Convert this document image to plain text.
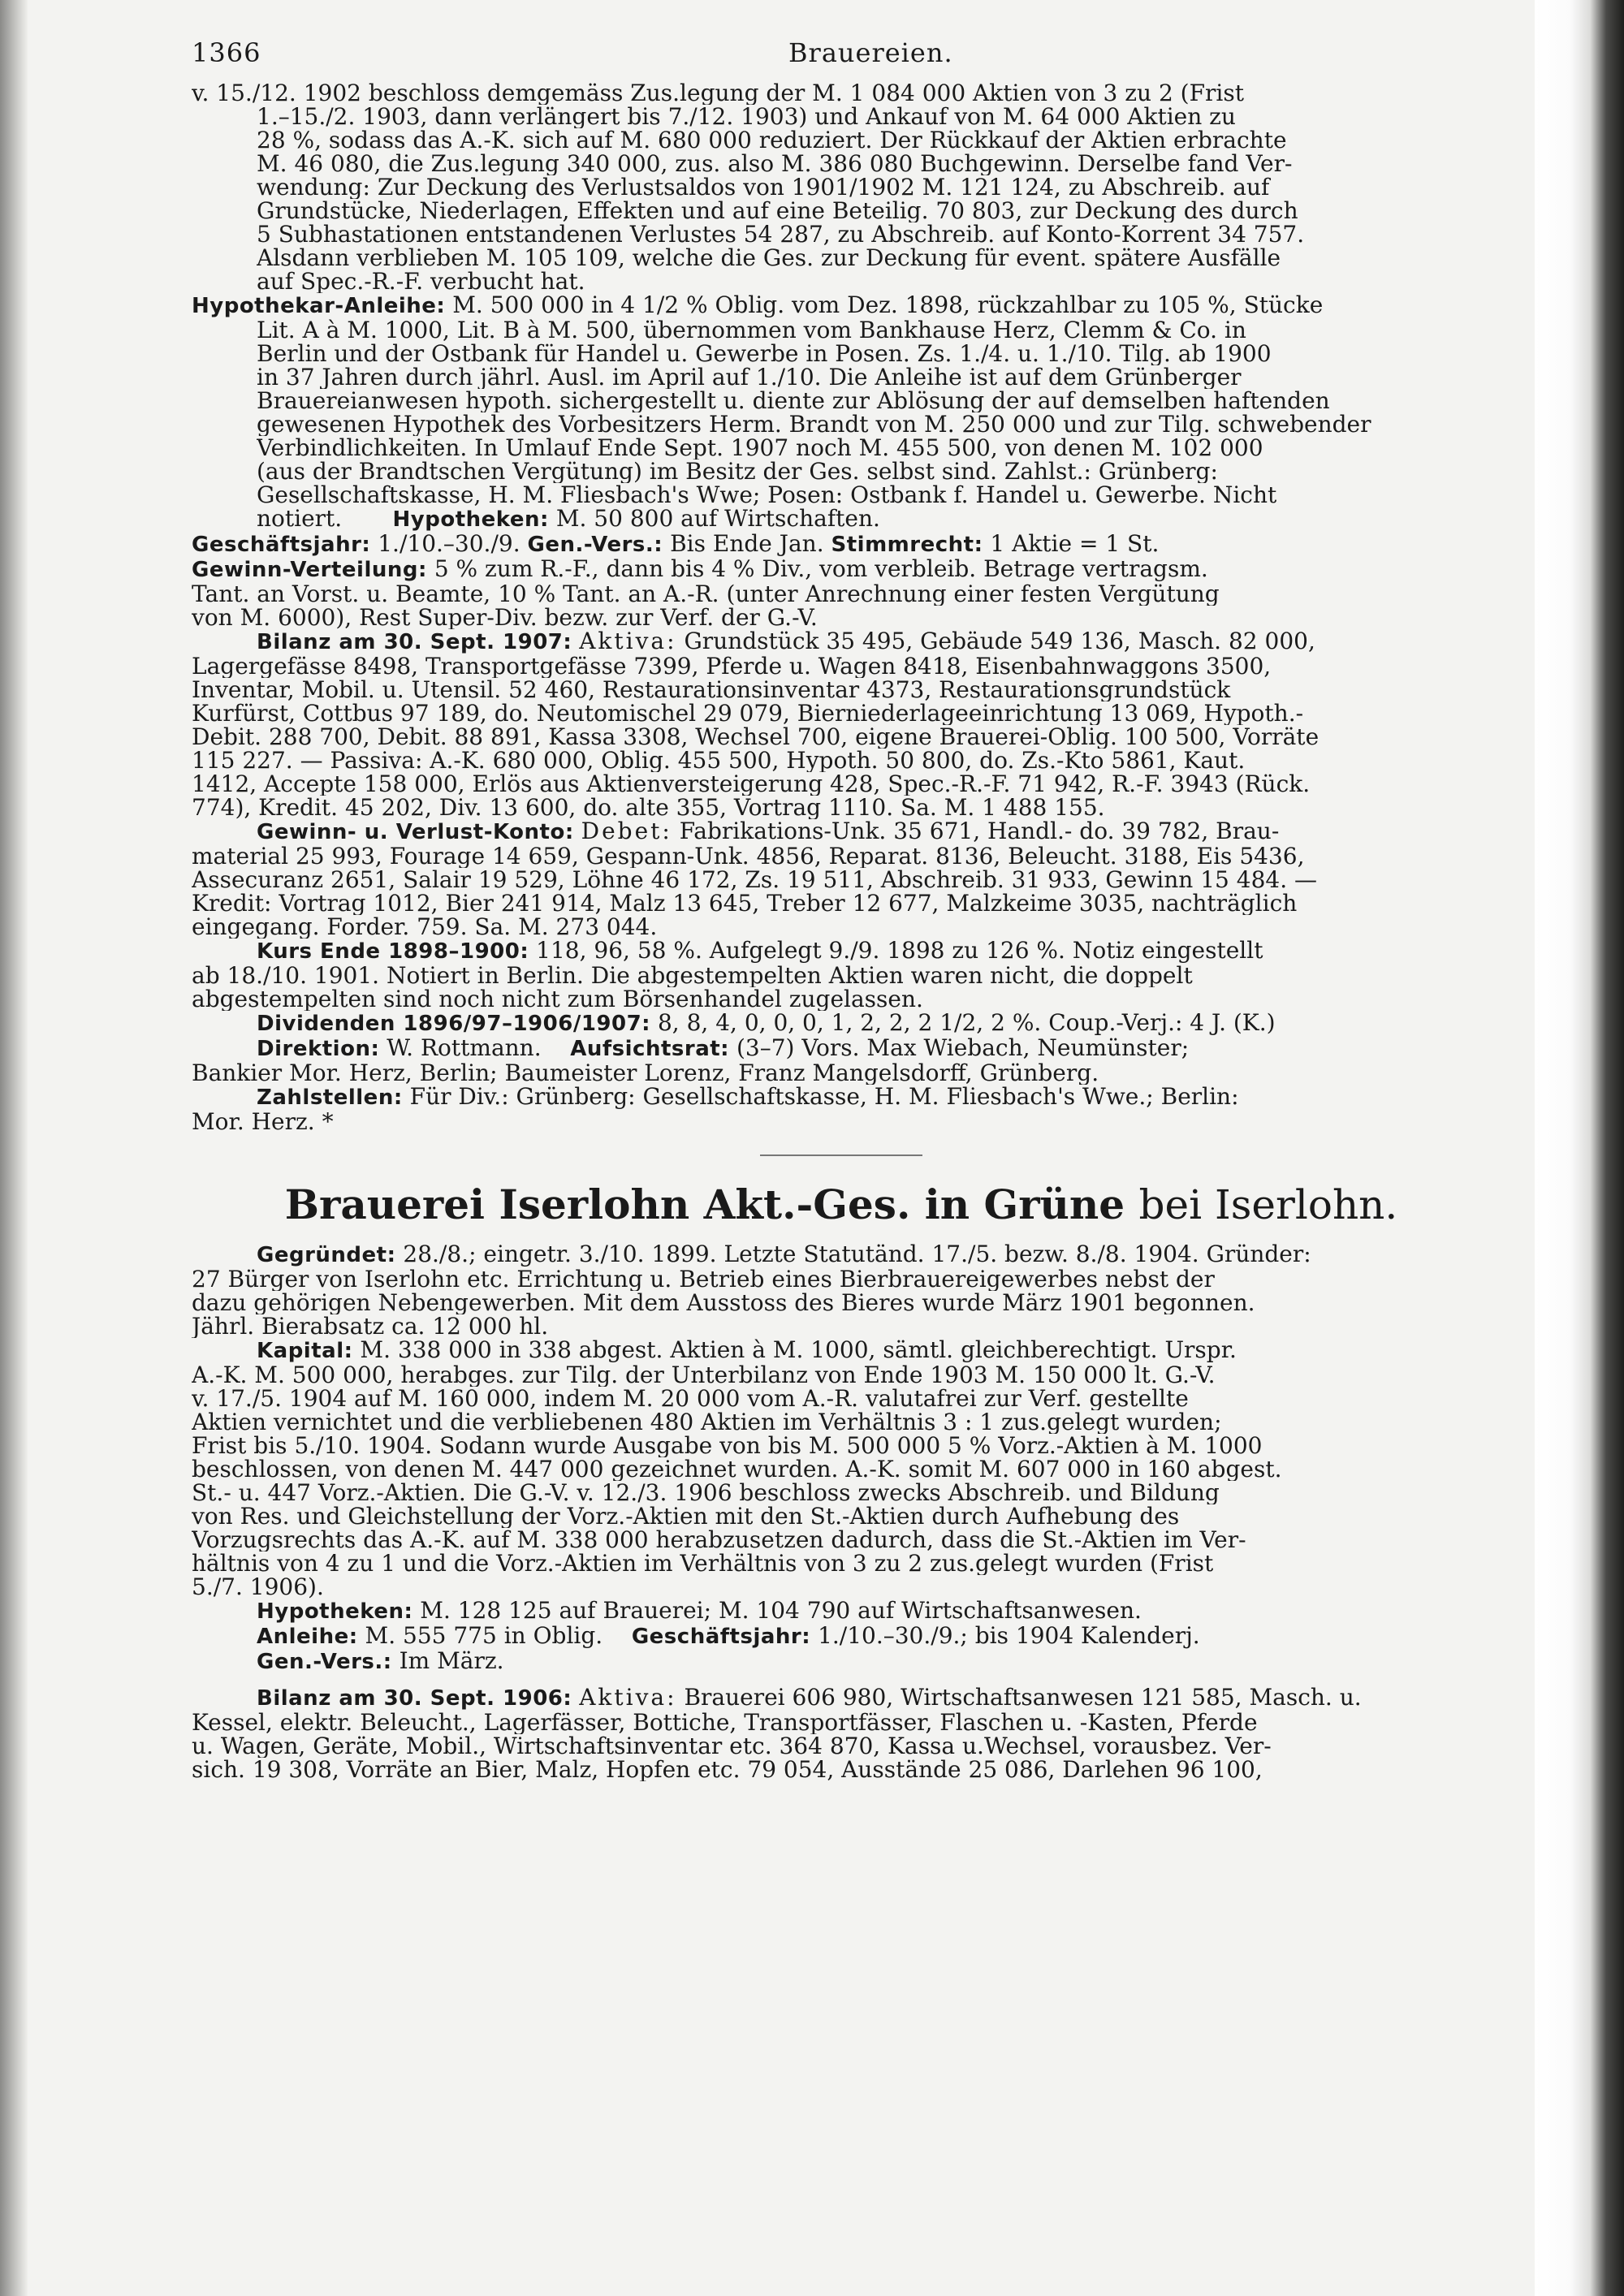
1366	Brauereien.
v. 15./12. 1902 beschloss demgemäss Zus.legung der M. 1 084 000 Aktien von 3 zu 2 (Frist
1.–15./2. 1903, dann verlängert bis 7./12. 1903) und Ankauf von M. 64 000 Aktien zu
28 %, sodass das A.-K. sich auf M. 680 000 reduziert. Der Rückkauf der Aktien erbrachte
M. 46 080, die Zus.legung 340 000, zus. also M. 386 080 Buchgewinn. Derselbe fand Ver-
wendung: Zur Deckung des Verlustsaldos von 1901/1902 M. 121 124, zu Abschreib. auf
Grundstücke, Niederlagen, Effekten und auf eine Beteilig. 70 803, zur Deckung des durch
5 Subhastationen entstandenen Verlustes 54 287, zu Abschreib. auf Konto-Korrent 34 757.
Alsdann verblieben M. 105 109, welche die Ges. zur Deckung für event. spätere Ausfälle
auf Spec.-R.-F. verbucht hat.
Hypothekar-Anleihe: M. 500 000 in 4 1/2 % Oblig. vom Dez. 1898, rückzahlbar zu 105 %, Stücke
Lit. A à M. 1000, Lit. B à M. 500, übernommen vom Bankhause Herz, Clemm & Co. in
Berlin und der Ostbank für Handel u. Gewerbe in Posen. Zs. 1./4. u. 1./10. Tilg. ab 1900
in 37 Jahren durch jährl. Ausl. im April auf 1./10. Die Anleihe ist auf dem Grünberger
Brauereianwesen hypoth. sichergestellt u. diente zur Ablösung der auf demselben haftenden
gewesenen Hypothek des Vorbesitzers Herm. Brandt von M. 250 000 und zur Tilg. schwebender
Verbindlichkeiten. In Umlauf Ende Sept. 1907 noch M. 455 500, von denen M. 102 000
(aus der Brandtschen Vergütung) im Besitz der Ges. selbst sind. Zahlst.: Grünberg:
Gesellschaftskasse, H. M. Fliesbach's Wwe; Posen: Ostbank f. Handel u. Gewerbe. Nicht
notiert. Hypotheken: M. 50 800 auf Wirtschaften.
Geschäftsjahr: 1./10.–30./9. Gen.-Vers.: Bis Ende Jan. Stimmrecht: 1 Aktie = 1 St.
Gewinn-Verteilung: 5 % zum R.-F., dann bis 4 % Div., vom verbleib. Betrage vertragsm.
Tant. an Vorst. u. Beamte, 10 % Tant. an A.-R. (unter Anrechnung einer festen Vergütung
von M. 6000), Rest Super-Div. bezw. zur Verf. der G.-V.
Bilanz am 30. Sept. 1907: Aktiva: Grundstück 35 495, Gebäude 549 136, Masch. 82 000,
Lagergefässe 8498, Transportgefässe 7399, Pferde u. Wagen 8418, Eisenbahnwaggons 3500,
Inventar, Mobil. u. Utensil. 52 460, Restaurationsinventar 4373, Restaurationsgrundstück
Kurfürst, Cottbus 97 189, do. Neutomischel 29 079, Bierniederlageeinrichtung 13 069, Hypoth.-
Debit. 288 700, Debit. 88 891, Kassa 3308, Wechsel 700, eigene Brauerei-Oblig. 100 500, Vorräte
115 227. — Passiva: A.-K. 680 000, Oblig. 455 500, Hypoth. 50 800, do. Zs.-Kto 5861, Kaut.
1412, Accepte 158 000, Erlös aus Aktienversteigerung 428, Spec.-R.-F. 71 942, R.-F. 3943 (Rück.
774), Kredit. 45 202, Div. 13 600, do. alte 355, Vortrag 1110. Sa. M. 1 488 155.
Gewinn- u. Verlust-Konto: Debet: Fabrikations-Unk. 35 671, Handl.- do. 39 782, Brau-
material 25 993, Fourage 14 659, Gespann-Unk. 4856, Reparat. 8136, Beleucht. 3188, Eis 5436,
Assecuranz 2651, Salair 19 529, Löhne 46 172, Zs. 19 511, Abschreib. 31 933, Gewinn 15 484. —
Kredit: Vortrag 1012, Bier 241 914, Malz 13 645, Treber 12 677, Malzkeime 3035, nachträglich
eingegang. Forder. 759. Sa. M. 273 044.
Kurs Ende 1898–1900: 118, 96, 58 %. Aufgelegt 9./9. 1898 zu 126 %. Notiz eingestellt
ab 18./10. 1901. Notiert in Berlin. Die abgestempelten Aktien waren nicht, die doppelt
abgestempelten sind noch nicht zum Börsenhandel zugelassen.
Dividenden 1896/97–1906/1907: 8, 8, 4, 0, 0, 0, 1, 2, 2, 2 1/2, 2 %. Coup.-Verj.: 4 J. (K.)
Direktion: W. Rottmann. Aufsichtsrat: (3–7) Vors. Max Wiebach, Neumünster;
Bankier Mor. Herz, Berlin; Baumeister Lorenz, Franz Mangelsdorff, Grünberg.
Zahlstellen: Für Div.: Grünberg: Gesellschaftskasse, H. M. Fliesbach's Wwe.; Berlin:
Mor. Herz. *
Brauerei Iserlohn Akt.-Ges. in Grüne bei Iserlohn.
Gegründet: 28./8.; eingetr. 3./10. 1899. Letzte Statutänd. 17./5. bezw. 8./8. 1904. Gründer:
27 Bürger von Iserlohn etc. Errichtung u. Betrieb eines Bierbrauereigewerbes nebst der
dazu gehörigen Nebengewerben. Mit dem Ausstoss des Bieres wurde März 1901 begonnen.
Jährl. Bierabsatz ca. 12 000 hl.
Kapital: M. 338 000 in 338 abgest. Aktien à M. 1000, sämtl. gleichberechtigt. Urspr.
A.-K. M. 500 000, herabges. zur Tilg. der Unterbilanz von Ende 1903 M. 150 000 lt. G.-V.
v. 17./5. 1904 auf M. 160 000, indem M. 20 000 vom A.-R. valutafrei zur Verf. gestellte
Aktien vernichtet und die verbliebenen 480 Aktien im Verhältnis 3 : 1 zus.gelegt wurden;
Frist bis 5./10. 1904. Sodann wurde Ausgabe von bis M. 500 000 5 % Vorz.-Aktien à M. 1000
beschlossen, von denen M. 447 000 gezeichnet wurden. A.-K. somit M. 607 000 in 160 abgest.
St.- u. 447 Vorz.-Aktien. Die G.-V. v. 12./3. 1906 beschloss zwecks Abschreib. und Bildung
von Res. und Gleichstellung der Vorz.-Aktien mit den St.-Aktien durch Aufhebung des
Vorzugsrechts das A.-K. auf M. 338 000 herabzusetzen dadurch, dass die St.-Aktien im Ver-
hältnis von 4 zu 1 und die Vorz.-Aktien im Verhältnis von 3 zu 2 zus.gelegt wurden (Frist
5./7. 1906).
Hypotheken: M. 128 125 auf Brauerei; M. 104 790 auf Wirtschaftsanwesen.
Anleihe: M. 555 775 in Oblig. Geschäftsjahr: 1./10.–30./9.; bis 1904 Kalenderj.
Gen.-Vers.: Im März.
Bilanz am 30. Sept. 1906: Aktiva: Brauerei 606 980, Wirtschaftsanwesen 121 585, Masch. u.
Kessel, elektr. Beleucht., Lagerfässer, Bottiche, Transportfässer, Flaschen u. -Kasten, Pferde
u. Wagen, Geräte, Mobil., Wirtschaftsinventar etc. 364 870, Kassa u.Wechsel, vorausbez. Ver-
sich. 19 308, Vorräte an Bier, Malz, Hopfen etc. 79 054, Ausstände 25 086, Darlehen 96 100,
